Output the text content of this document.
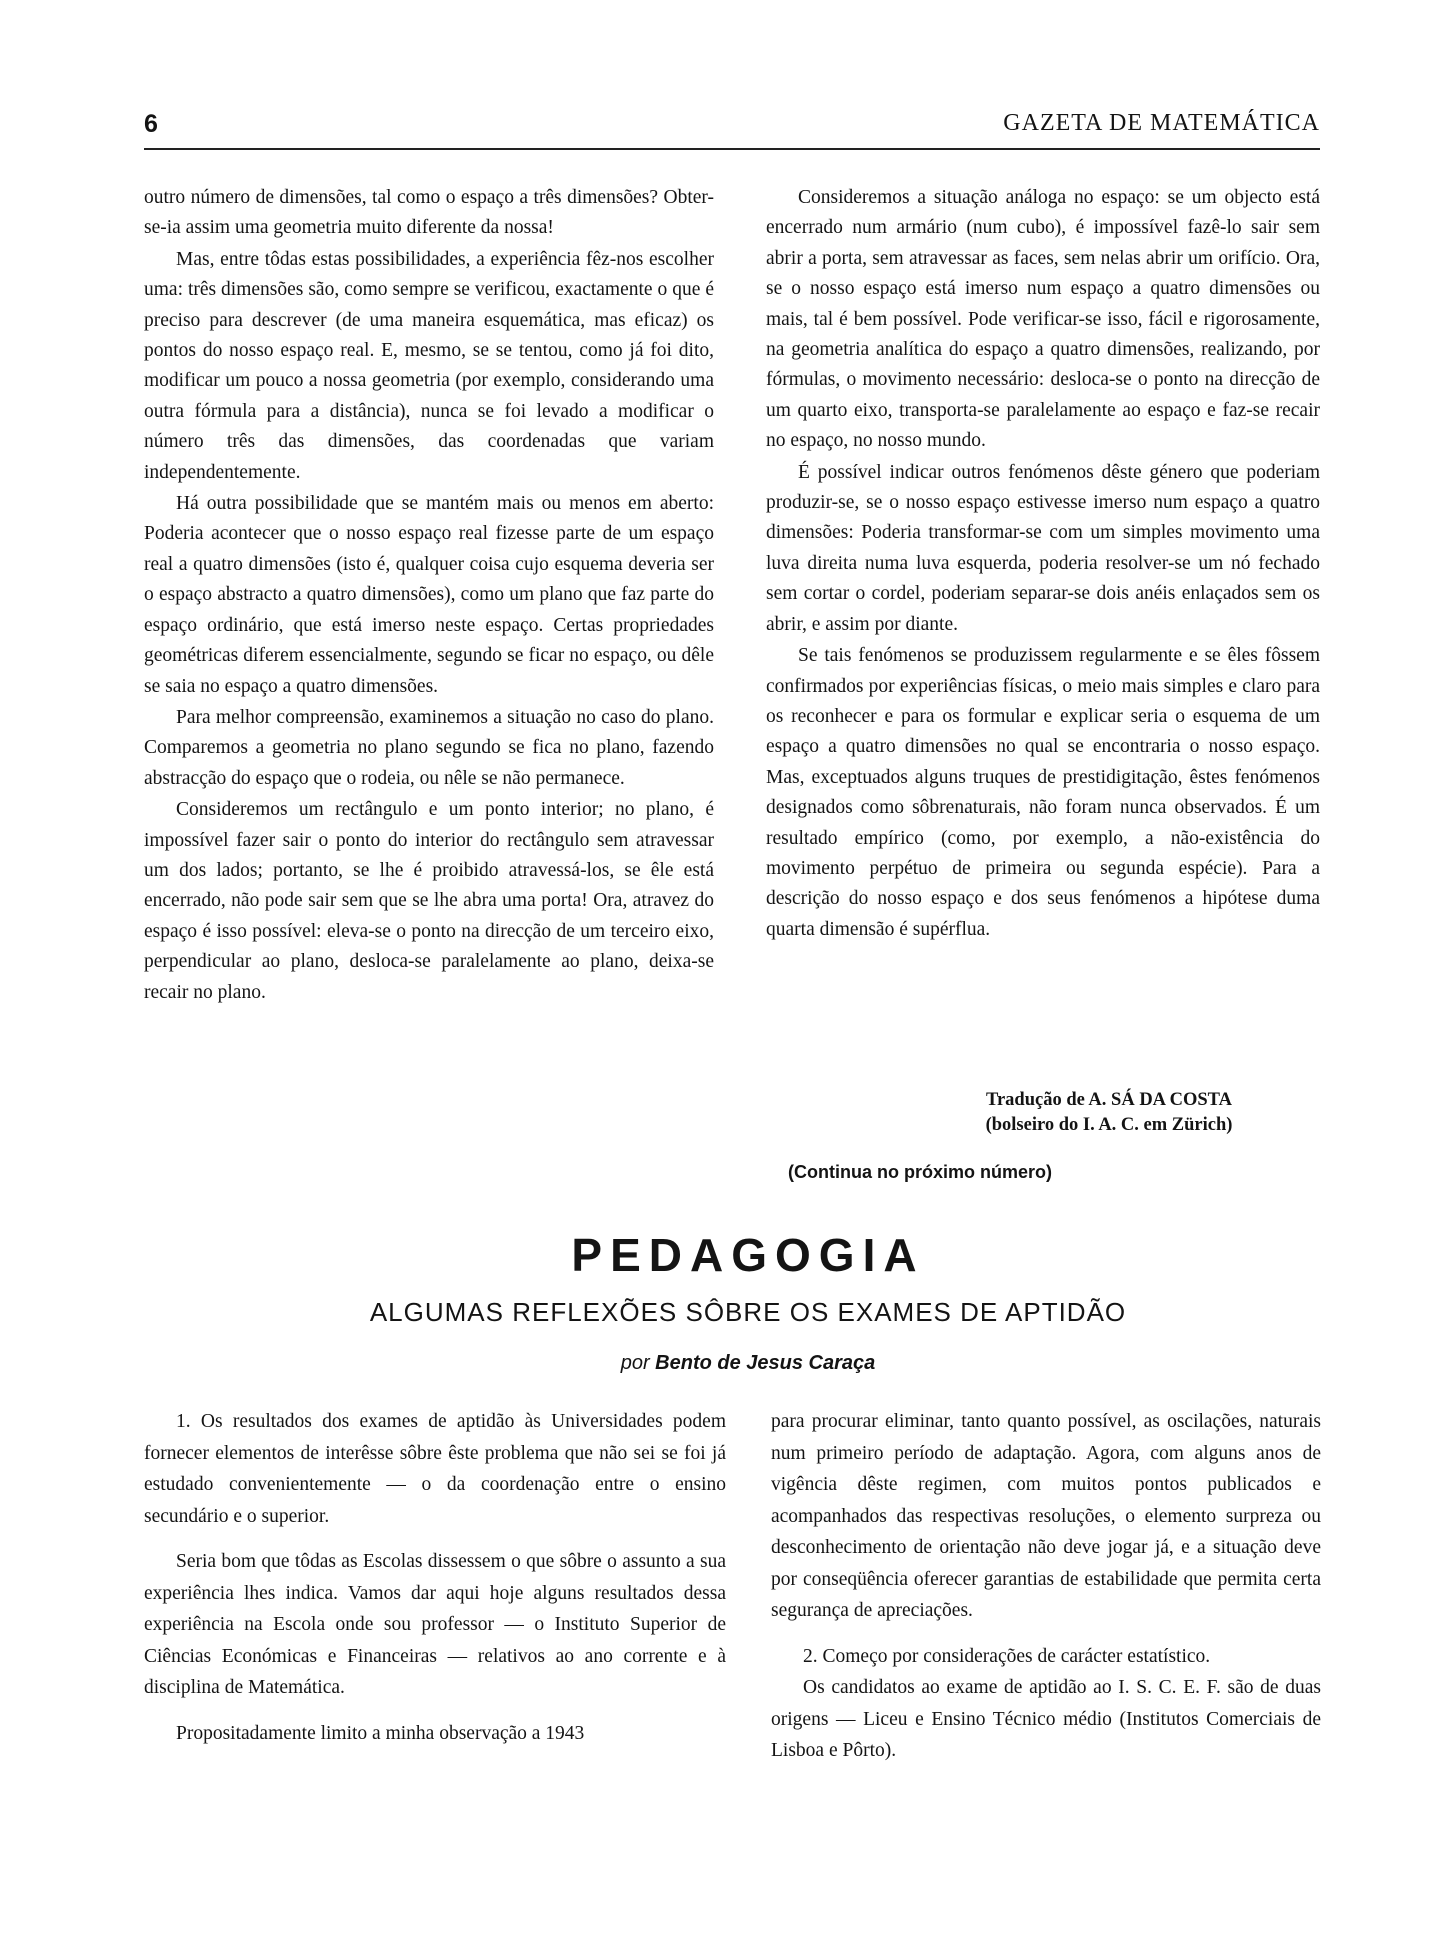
6	GAZETA DE MATEMÁTICA

outro número de dimensões, tal como o espaço a três dimensões? Obter-se-ia assim uma geometria muito diferente da nossa!

Mas, entre tôdas estas possibilidades, a experiência fêz-nos escolher uma: três dimensões são, como sempre se verificou, exactamente o que é preciso para descrever (de uma maneira esquemática, mas eficaz) os pontos do nosso espaço real. E, mesmo, se se tentou, como já foi dito, modificar um pouco a nossa geometria (por exemplo, considerando uma outra fórmula para a distância), nunca se foi levado a modificar o número três das dimensões, das coordenadas que variam independentemente.

Há outra possibilidade que se mantém mais ou menos em aberto: Poderia acontecer que o nosso espaço real fizesse parte de um espaço real a quatro dimensões (isto é, qualquer coisa cujo esquema deveria ser o espaço abstracto a quatro dimensões), como um plano que faz parte do espaço ordinário, que está imerso neste espaço. Certas propriedades geométricas diferem essencialmente, segundo se ficar no espaço, ou dêle se saia no espaço a quatro dimensões.

Para melhor compreensão, examinemos a situação no caso do plano. Comparemos a geometria no plano segundo se fica no plano, fazendo abstracção do espaço que o rodeia, ou nêle se não permanece.

Consideremos um rectângulo e um ponto interior; no plano, é impossível fazer sair o ponto do interior do rectângulo sem atravessar um dos lados; portanto, se lhe é proibido atravessá-los, se êle está encerrado, não pode sair sem que se lhe abra uma porta! Ora, atravez do espaço é isso possível: eleva-se o ponto na direcção de um terceiro eixo, perpendicular ao plano, desloca-se paralelamente ao plano, deixa-se recair no plano.

Consideremos a situação análoga no espaço: se um objecto está encerrado num armário (num cubo), é impossível fazê-lo sair sem abrir a porta, sem atravessar as faces, sem nelas abrir um orifício. Ora, se o nosso espaço está imerso num espaço a quatro dimensões ou mais, tal é bem possível. Pode verificar-se isso, fácil e rigorosamente, na geometria analítica do espaço a quatro dimensões, realizando, por fórmulas, o movimento necessário: desloca-se o ponto na direcção de um quarto eixo, transporta-se paralelamente ao espaço e faz-se recair no espaço, no nosso mundo.

É possível indicar outros fenómenos dêste género que poderiam produzir-se, se o nosso espaço estivesse imerso num espaço a quatro dimensões: Poderia transformar-se com um simples movimento uma luva direita numa luva esquerda, poderia resolver-se um nó fechado sem cortar o cordel, poderiam separar-se dois anéis enlaçados sem os abrir, e assim por diante.

Se tais fenómenos se produzissem regularmente e se êles fôssem confirmados por experiências físicas, o meio mais simples e claro para os reconhecer e para os formular e explicar seria o esquema de um espaço a quatro dimensões no qual se encontraria o nosso espaço. Mas, exceptuados alguns truques de prestidigitação, êstes fenómenos designados como sôbrenaturais, não foram nunca observados. É um resultado empírico (como, por exemplo, a não-existência do movimento perpétuo de primeira ou segunda espécie). Para a descrição do nosso espaço e dos seus fenómenos a hipótese duma quarta dimensão é supérflua.

Tradução de A. SÁ DA COSTA
(bolseiro do I. A. C. em Zürich)
(Continua no próximo número)
PEDAGOGIA
ALGUMAS REFLEXÕES SÔBRE OS EXAMES DE APTIDÃO
por Bento de Jesus Caraça

1. Os resultados dos exames de aptidão às Universidades podem fornecer elementos de interêsse sôbre êste problema que não sei se foi já estudado convenientemente — o da coordenação entre o ensino secundário e o superior.

Seria bom que tôdas as Escolas dissessem o que sôbre o assunto a sua experiência lhes indica. Vamos dar aqui hoje alguns resultados dessa experiência na Escola onde sou professor — o Instituto Superior de Ciências Económicas e Financeiras — relativos ao ano corrente e à disciplina de Matemática.

Propositadamente limito a minha observação a 1943

para procurar eliminar, tanto quanto possível, as oscilações, naturais num primeiro período de adaptação. Agora, com alguns anos de vigência dêste regimen, com muitos pontos publicados e acompanhados das respectivas resoluções, o elemento surpreza ou desconhecimento de orientação não deve jogar já, e a situação deve por conseqüência oferecer garantias de estabilidade que permita certa segurança de apreciações.

2. Começo por considerações de carácter estatístico.

Os candidatos ao exame de aptidão ao I. S. C. E. F. são de duas origens — Liceu e Ensino Técnico médio (Institutos Comerciais de Lisboa e Pôrto).
